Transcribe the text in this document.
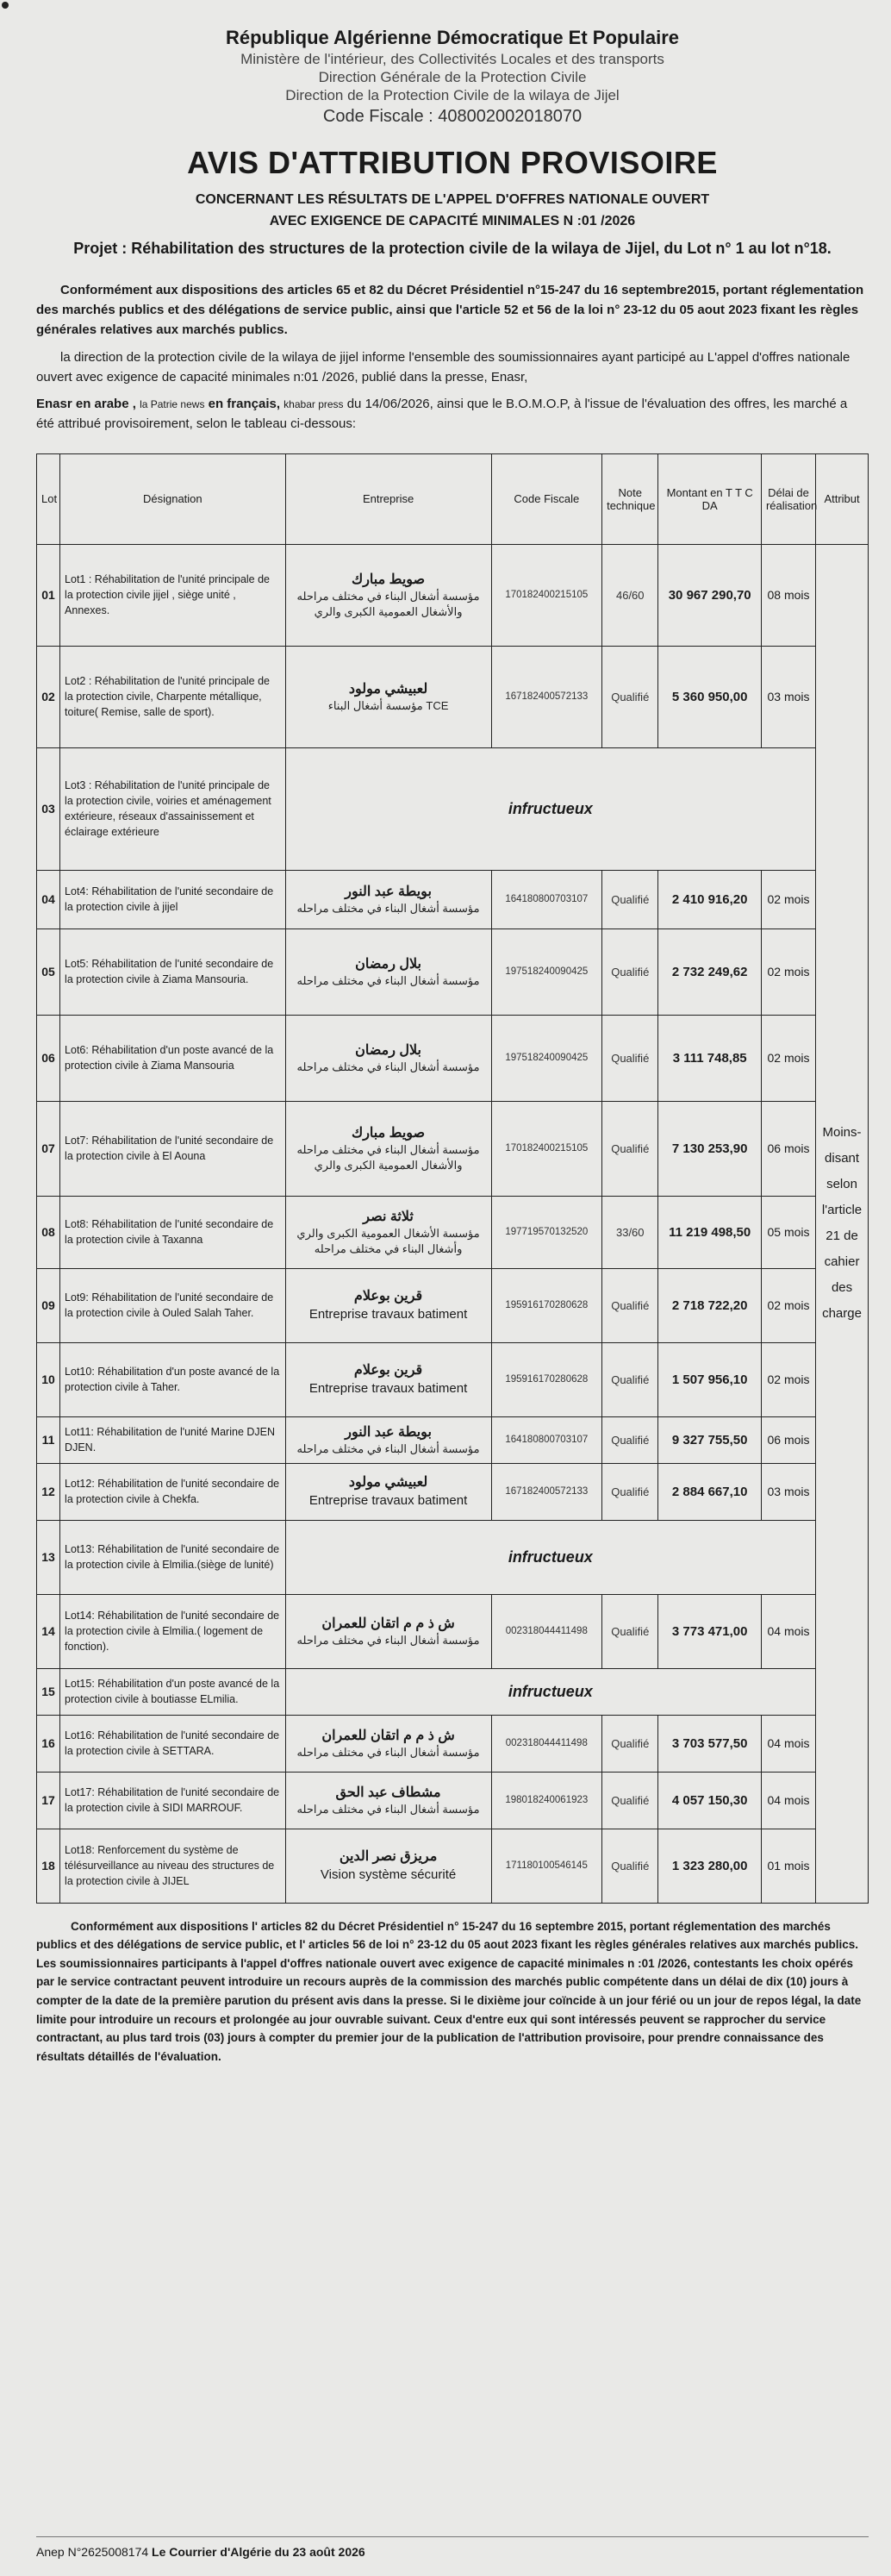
République Algérienne Démocratique Et Populaire
Ministère de l'intérieur, des Collectivités Locales et des transports
Direction Générale de la Protection Civile
Direction de la Protection Civile de la wilaya de Jijel
Code Fiscale : 408002002018070
AVIS D'ATTRIBUTION PROVISOIRE
CONCERNANT LES RÉSULTATS DE L'APPEL D'OFFRES NATIONALE OUVERT
AVEC EXIGENCE DE CAPACITÉ MINIMALES N :01 /2026
Projet : Réhabilitation des structures de la protection civile de la wilaya de Jijel, du Lot n° 1 au lot n°18.

Conformément aux dispositions des articles 65 et 82 du Décret Présidentiel n°15-247 du 16 septembre2015, portant réglementation des marchés publics et des délégations de service public, ainsi que l'article 52 et 56 de la loi n° 23-12 du 05 aout 2023 fixant les règles générales relatives aux marchés publics.

la direction de la protection civile de la wilaya de jijel informe l'ensemble des soumissionnaires ayant participé au L'appel d'offres nationale ouvert avec exigence de capacité minimales n:01 /2026, publié dans la presse, Enasr,

Enasr en arabe , la Patrie news en français, khabar press du 14/06/2026, ainsi que le B.O.M.O.P, à l'issue de l'évaluation des offres, les marché a été attribué provisoirement, selon le tableau ci-dessous:

Lot	Désignation	Entreprise	Code Fiscale	Note technique	Montant en T T C DA	Délai de réalisation	Attribut
01	Lot1 : Réhabilitation de l'unité principale de la protection civile jijel , siège unité , Annexes.	صويط مبارك
مؤسسة أشغال البناء في مختلف مراحله والأشغال العمومية الكبرى والري	170182400215105	46/60	30 967 290,70	08 mois	Moins-disant selon l'article 21 de cahier des charge
02	Lot2 : Réhabilitation de l'unité principale de la protection civile, Charpente métallique, toiture( Remise, salle de sport).	لعبيشي مولود
TCE مؤسسة أشغال البناء	167182400572133	Qualifié	5 360 950,00	03 mois	
03	Lot3 : Réhabilitation de l'unité principale de la protection civile, voiries et aménagement extérieure, réseaux d'assainissement et éclairage extérieure	infructueux					
04	Lot4: Réhabilitation de l'unité secondaire de la protection civile à jijel	بويطة عبد النور
مؤسسة أشغال البناء في مختلف مراحله	164180800703107	Qualifié	2 410 916,20	02 mois	
05	Lot5: Réhabilitation de l'unité secondaire de la protection civile à Ziama Mansouria.	بلال رمضان
مؤسسة أشغال البناء في مختلف مراحله	197518240090425	Qualifié	2 732 249,62	02 mois	
06	Lot6: Réhabilitation d'un poste avancé de la protection civile à Ziama Mansouria	بلال رمضان
مؤسسة أشغال البناء في مختلف مراحله	197518240090425	Qualifié	3 111 748,85	02 mois	
07	Lot7: Réhabilitation de l'unité secondaire de la protection civile à El Aouna	صويط مبارك
مؤسسة أشغال البناء في مختلف مراحله والأشغال العمومية الكبرى والري	170182400215105	Qualifié	7 130 253,90	06 mois	
08	Lot8: Réhabilitation de l'unité secondaire de la protection civile à Taxanna	ثلاثة نصر
مؤسسة الأشغال العمومية الكبرى والري وأشغال البناء في مختلف مراحله	197719570132520	33/60	11 219 498,50	05 mois	
09	Lot9: Réhabilitation de l'unité secondaire de la protection civile à Ouled Salah Taher.	قرين بوعلام
Entreprise travaux batiment	195916170280628	Qualifié	2 718 722,20	02 mois	
10	Lot10: Réhabilitation d'un poste avancé de la protection civile à Taher.	قرين بوعلام
Entreprise travaux batiment	195916170280628	Qualifié	1 507 956,10	02 mois	
11	Lot11: Réhabilitation de l'unité Marine DJEN DJEN.	بويطة عبد النور
مؤسسة أشغال البناء في مختلف مراحله	164180800703107	Qualifié	9 327 755,50	06 mois	
12	Lot12: Réhabilitation de l'unité secondaire de la protection civile à Chekfa.	لعبيشي مولود
Entreprise travaux batiment	167182400572133	Qualifié	2 884 667,10	03 mois	
13	Lot13: Réhabilitation de l'unité secondaire de la protection civile à Elmilia.(siège de lunité)	infructueux					
14	Lot14: Réhabilitation de l'unité secondaire de la protection civile à Elmilia.( logement de fonction).	ش ذ م م اتقان للعمران
مؤسسة أشغال البناء في مختلف مراحله	002318044411498	Qualifié	3 773 471,00	04 mois	
15	Lot15: Réhabilitation d'un poste avancé de la protection civile à boutiasse ELmilia.	infructueux					
16	Lot16: Réhabilitation de l'unité secondaire de la protection civile à SETTARA.	ش ذ م م اتقان للعمران
مؤسسة أشغال البناء في مختلف مراحله	002318044411498	Qualifié	3 703 577,50	04 mois	
17	Lot17: Réhabilitation de l'unité secondaire de la protection civile à SIDI MARROUF.	مشطاف عبد الحق
مؤسسة أشغال البناء في مختلف مراحله	198018240061923	Qualifié	4 057 150,30	04 mois	
18	Lot18: Renforcement du système de télésurveillance au niveau des structures de la protection civile à JIJEL	مريزق نصر الدين
Vision système sécurité	171180100546145	Qualifié	1 323 280,00	01 mois	

Conformément aux dispositions l' articles 82 du Décret Présidentiel n° 15-247 du 16 septembre 2015, portant réglementation des marchés publics et des délégations de service public, et l' articles 56 de loi n° 23-12 du 05 aout 2023 fixant les règles générales relatives aux marchés publics. Les soumissionnaires participants à l'appel d'offres nationale ouvert avec exigence de capacité minimales n :01 /2026, contestants les choix opérés par le service contractant peuvent introduire un recours auprès de la commission des marchés public compétente dans un délai de dix (10) jours à compter de la date de la première parution du présent avis dans la presse. Si le dixième jour coïncide à un jour férié ou un jour de repos légal, la date limite pour introduire un recours et prolongée au jour ouvrable suivant. Ceux d'entre eux qui sont intéressés peuvent se rapprocher du service contractant, au plus tard trois (03) jours à compter du premier jour de la publication de l'attribution provisoire, pour prendre connaissance des résultats détaillés de l'évaluation.

Anep N°2625008174 Le Courrier d'Algérie du 23 août 2026
